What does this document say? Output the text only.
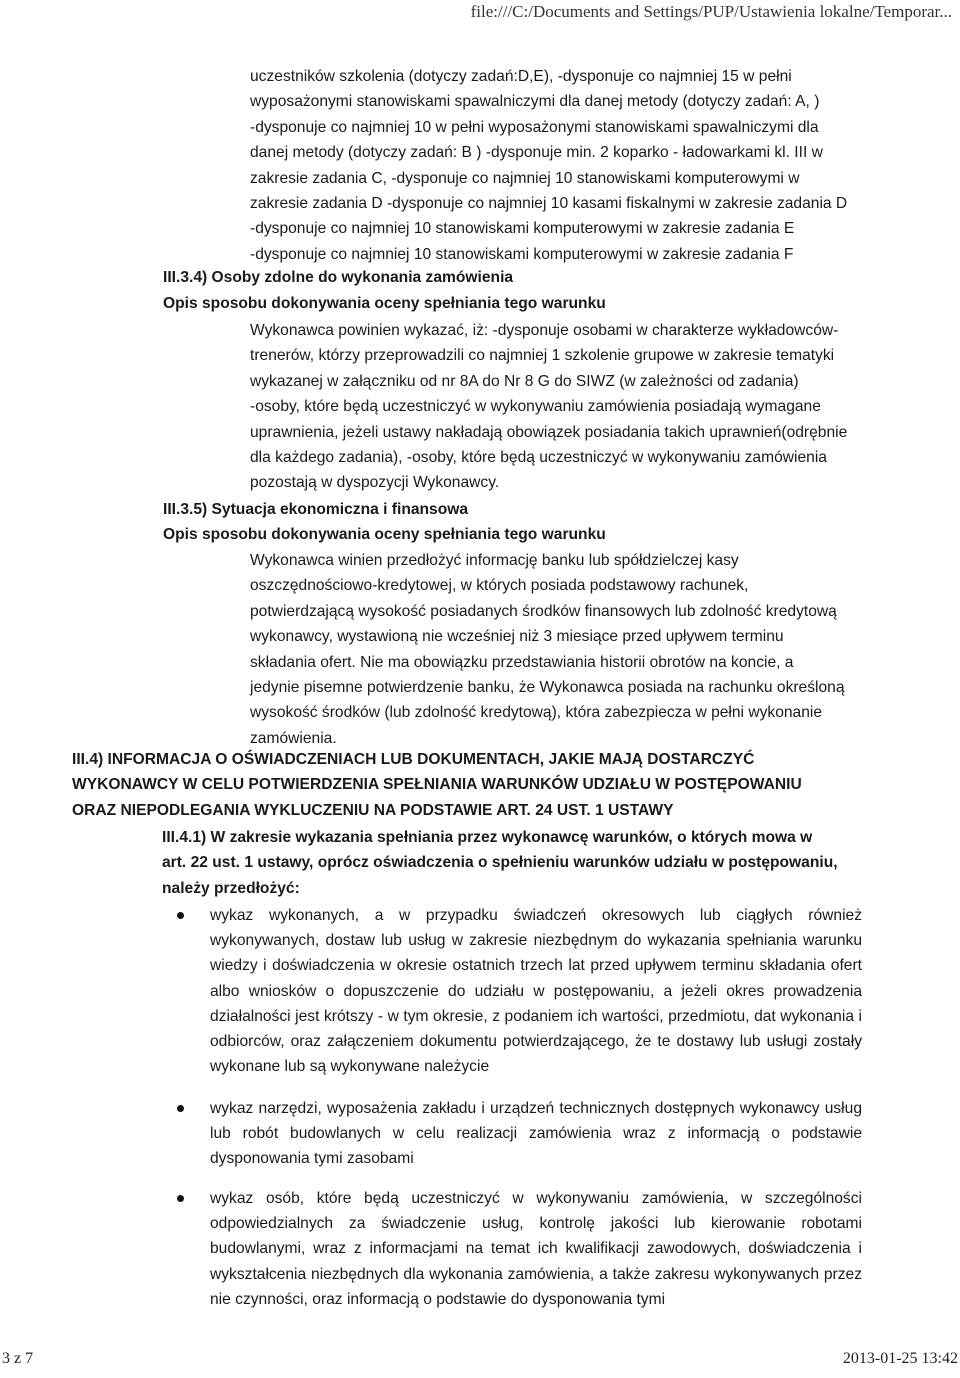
file:///C:/Documents and Settings/PUP/Ustawienia lokalne/Temporar...
uczestników szkolenia (dotyczy zadań:D,E), -dysponuje co najmniej 15 w pełni
wyposażonymi stanowiskami spawalniczymi dla danej metody (dotyczy zadań: A, )
-dysponuje co najmniej 10 w pełni wyposażonymi stanowiskami spawalniczymi dla
danej metody (dotyczy zadań: B ) -dysponuje min. 2 koparko - ładowarkami kl. III w
zakresie zadania C, -dysponuje co najmniej 10 stanowiskami komputerowymi w
zakresie zadania D -dysponuje co najmniej 10 kasami fiskalnymi w zakresie zadania D
-dysponuje co najmniej 10 stanowiskami komputerowymi w zakresie zadania E
-dysponuje co najmniej 10 stanowiskami komputerowymi w zakresie zadania F
III.3.4) Osoby zdolne do wykonania zamówienia
Opis sposobu dokonywania oceny spełniania tego warunku
Wykonawca powinien wykazać, iż: -dysponuje osobami w charakterze wykładowców-
trenerów, którzy przeprowadzili co najmniej 1 szkolenie grupowe w zakresie tematyki
wykazanej w załączniku od nr 8A do Nr 8 G do SIWZ (w zależności od zadania)
-osoby, które będą uczestniczyć w wykonywaniu zamówienia posiadają wymagane
uprawnienia, jeżeli ustawy nakładają obowiązek posiadania takich uprawnień(odrębnie
dla każdego zadania), -osoby, które będą uczestniczyć w wykonywaniu zamówienia
pozostają w dyspozycji Wykonawcy.
III.3.5) Sytuacja ekonomiczna i finansowa
Opis sposobu dokonywania oceny spełniania tego warunku
Wykonawca winien przedłożyć informację banku lub spółdzielczej kasy
oszczędnościowo-kredytowej, w których posiada podstawowy rachunek,
potwierdzającą wysokość posiadanych środków finansowych lub zdolność kredytową
wykonawcy, wystawioną nie wcześniej niż 3 miesiące przed upływem terminu
składania ofert. Nie ma obowiązku przedstawiania historii obrotów na koncie, a
jedynie pisemne potwierdzenie banku, że Wykonawca posiada na rachunku określoną
wysokość środków (lub zdolność kredytową), która zabezpiecza w pełni wykonanie
zamówienia.
III.4) INFORMACJA O OŚWIADCZENIACH LUB DOKUMENTACH, JAKIE MAJĄ DOSTARCZYĆ
WYKONAWCY W CELU POTWIERDZENIA SPEŁNIANIA WARUNKÓW UDZIAŁU W POSTĘPOWANIU
ORAZ NIEPODLEGANIA WYKLUCZENIU NA PODSTAWIE ART. 24 UST. 1 USTAWY
III.4.1) W zakresie wykazania spełniania przez wykonawcę warunków, o których mowa w
art. 22 ust. 1 ustawy, oprócz oświadczenia o spełnieniu warunków udziału w postępowaniu,
należy przedłożyć:
wykaz wykonanych, a w przypadku świadczeń okresowych lub ciągłych również wykonywanych, dostaw lub usług w zakresie niezbędnym do wykazania spełniania warunku wiedzy i doświadczenia w okresie ostatnich trzech lat przed upływem terminu składania ofert albo wniosków o dopuszczenie do udziału w postępowaniu, a jeżeli okres prowadzenia działalności jest krótszy - w tym okresie, z podaniem ich wartości, przedmiotu, dat wykonania i odbiorców, oraz załączeniem dokumentu potwierdzającego, że te dostawy lub usługi zostały wykonane lub są wykonywane należycie
wykaz narzędzi, wyposażenia zakładu i urządzeń technicznych dostępnych wykonawcy usług lub robót budowlanych w celu realizacji zamówienia wraz z informacją o podstawie dysponowania tymi zasobami
wykaz osób, które będą uczestniczyć w wykonywaniu zamówienia, w szczególności odpowiedzialnych za świadczenie usług, kontrolę jakości lub kierowanie robotami budowlanymi, wraz z informacjami na temat ich kwalifikacji zawodowych, doświadczenia i wykształcenia niezbędnych dla wykonania zamówienia, a także zakresu wykonywanych przez nie czynności, oraz informacją o podstawie do dysponowania tymi
3 z 7	2013-01-25 13:42
